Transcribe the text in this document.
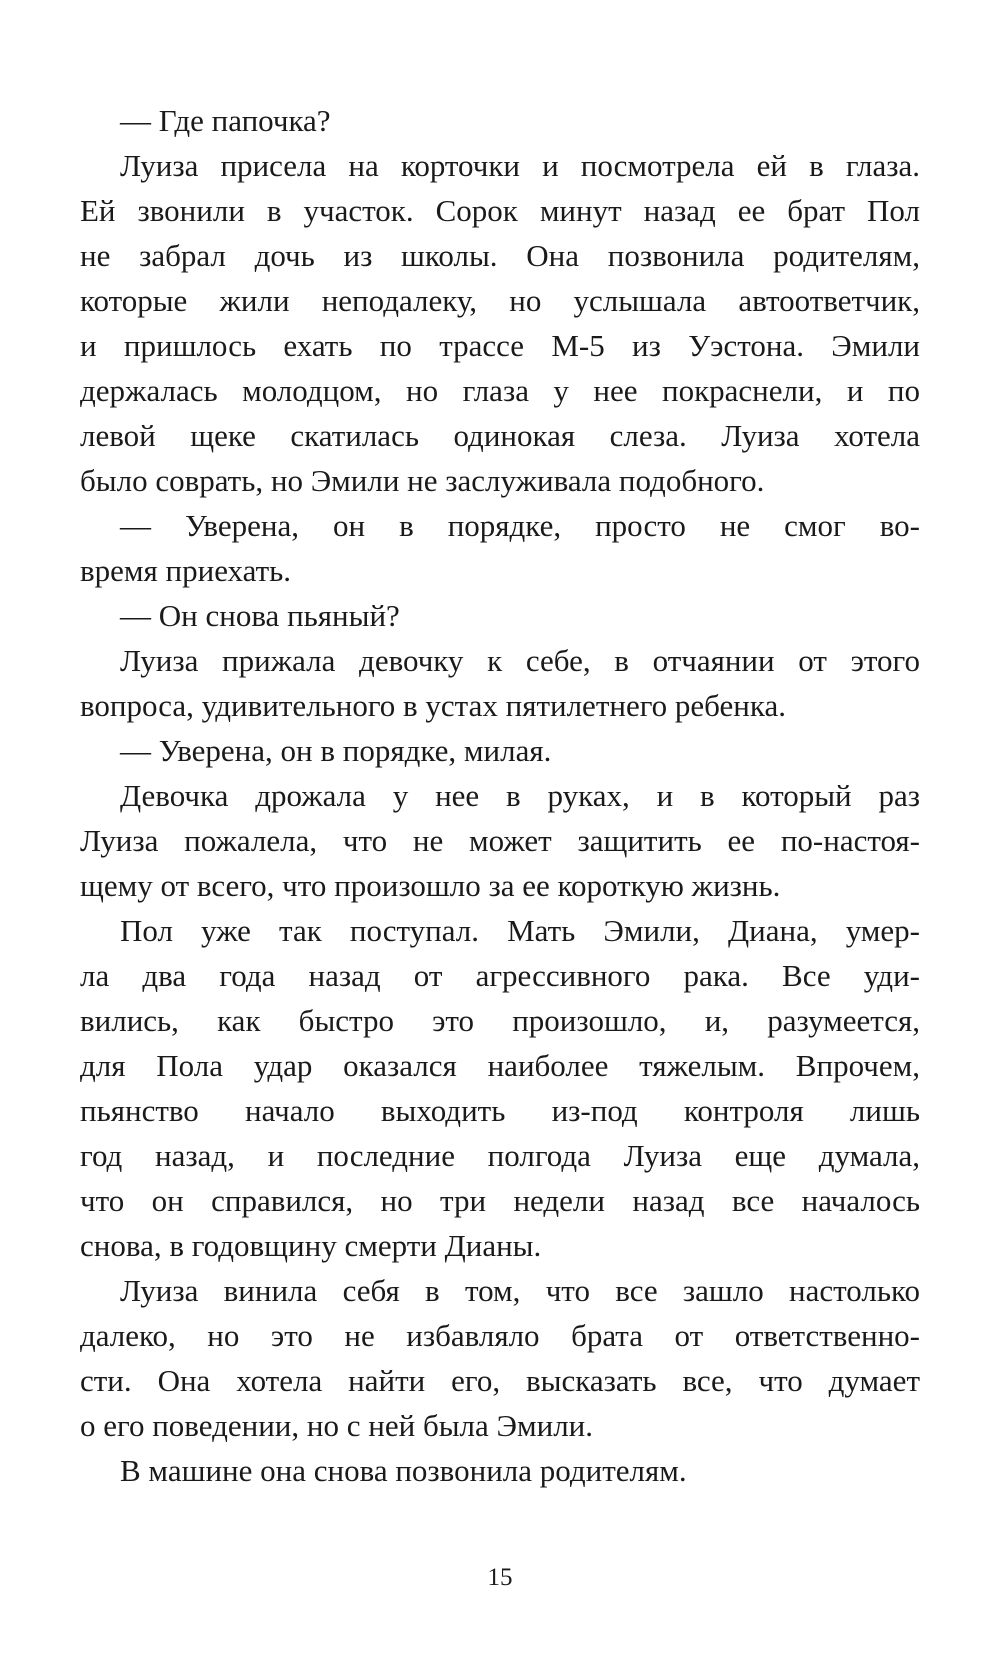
— Где папочка?
Луиза присела на корточки и посмотрела ей в глаза.
Ей звонили в участок. Сорок минут назад ее брат Пол
не забрал дочь из школы. Она позвонила родителям,
которые жили неподалеку, но услышала автоответчик,
и пришлось ехать по трассе М-5 из Уэстона. Эмили
держалась молодцом, но глаза у нее покраснели, и по
левой щеке скатилась одинокая слеза. Луиза хотела
было соврать, но Эмили не заслуживала подобного.
— Уверена, он в порядке, просто не смог во-
время приехать.
— Он снова пьяный?
Луиза прижала девочку к себе, в отчаянии от этого
вопроса, удивительного в устах пятилетнего ребенка.
— Уверена, он в порядке, милая.
Девочка дрожала у нее в руках, и в который раз
Луиза пожалела, что не может защитить ее по-настоя-
щему от всего, что произошло за ее короткую жизнь.
Пол уже так поступал. Мать Эмили, Диана, умер-
ла два года назад от агрессивного рака. Все уди-
вились, как быстро это произошло, и, разумеется,
для Пола удар оказался наиболее тяжелым. Впрочем,
пьянство начало выходить из-под контроля лишь
год назад, и последние полгода Луиза еще думала,
что он справился, но три недели назад все началось
снова, в годовщину смерти Дианы.
Луиза винила себя в том, что все зашло настолько
далеко, но это не избавляло брата от ответственно-
сти. Она хотела найти его, высказать все, что думает
о его поведении, но с ней была Эмили.
В машине она снова позвонила родителям.
15
